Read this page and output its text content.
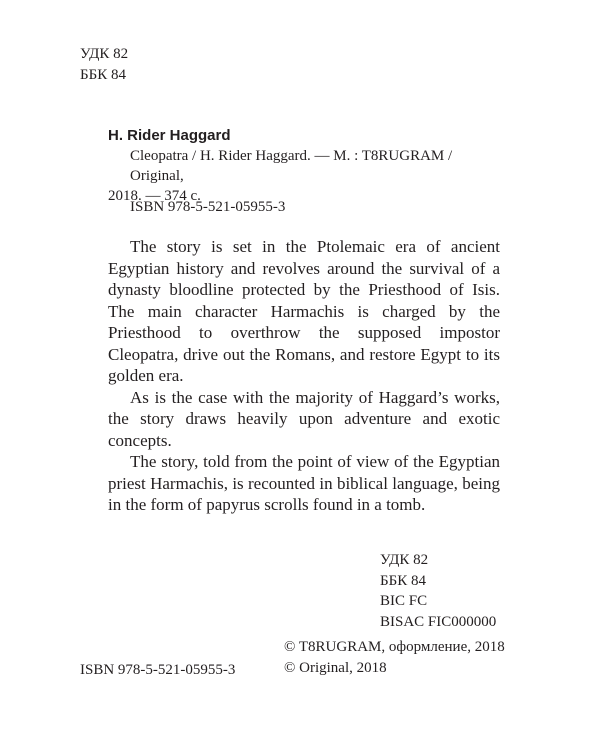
УДК 82
ББК 84
H. Rider Haggard
Cleopatra / H. Rider Haggard. — M. : T8RUGRAM / Original,
2018. — 374 c.
ISBN 978-5-521-05955-3

The story is set in the Ptolemaic era of ancient Egyptian history and revolves around the survival of a dynasty bloodline protected by the Priesthood of Isis. The main character Harmachis is charged by the Priesthood to overthrow the supposed impostor Cleopatra, drive out the Romans, and restore Egypt to its golden era.

As is the case with the majority of Haggard’s works, the story draws heavily upon adventure and exotic concepts.

The story, told from the point of view of the Egyptian priest Harmachis, is recounted in biblical language, being in the form of papyrus scrolls found in a tomb.

УДК 82
ББК 84
BIC FC
BISAC FIC000000
© T8RUGRAM, оформление, 2018
© Original, 2018
ISBN 978-5-521-05955-3
